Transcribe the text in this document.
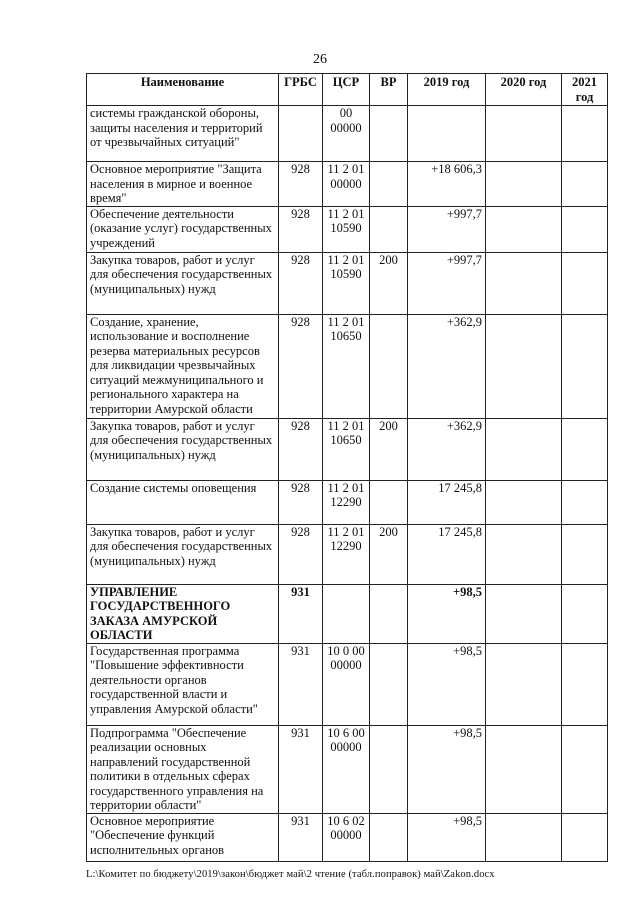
26
Наименование	ГРБС	ЦСР	ВР	2019 год	2020 год	2021 год
системы гражданской обороны, защиты населения и территорий от чрезвычайных ситуаций"		00 00000				
Основное мероприятие "Защита населения в мирное и военное время"	928	11 2 01 00000		+18 606,3		
Обеспечение деятельности (оказание услуг) государственных учреждений	928	11 2 01 10590		+997,7		
Закупка товаров, работ и услуг для обеспечения государственных (муниципальных) нужд	928	11 2 01 10590	200	+997,7		
Создание, хранение, использование и восполнение резерва материальных ресурсов для ликвидации чрезвычайных ситуаций межмуниципального и регионального характера на территории Амурской области	928	11 2 01 10650		+362,9		
Закупка товаров, работ и услуг для обеспечения государственных (муниципальных) нужд	928	11 2 01 10650	200	+362,9		
Создание системы оповещения	928	11 2 01 12290		17 245,8		
Закупка товаров, работ и услуг для обеспечения государственных (муниципальных) нужд	928	11 2 01 12290	200	17 245,8		
УПРАВЛЕНИЕ ГОСУДАРСТВЕННОГО ЗАКАЗА АМУРСКОЙ ОБЛАСТИ	931			+98,5		
Государственная программа "Повышение эффективности деятельности органов государственной власти и управления Амурской области"	931	10 0 00 00000		+98,5		
Подпрограмма "Обеспечение реализации основных направлений государственной политики в отдельных сферах государственного управления на территории области"	931	10 6 00 00000		+98,5		
Основное мероприятие "Обеспечение функций исполнительных органов	931	10 6 02 00000		+98,5		
L:\Комитет по бюджету\2019\закон\бюджет май\2 чтение (табл.поправок) май\Zakon.docx
